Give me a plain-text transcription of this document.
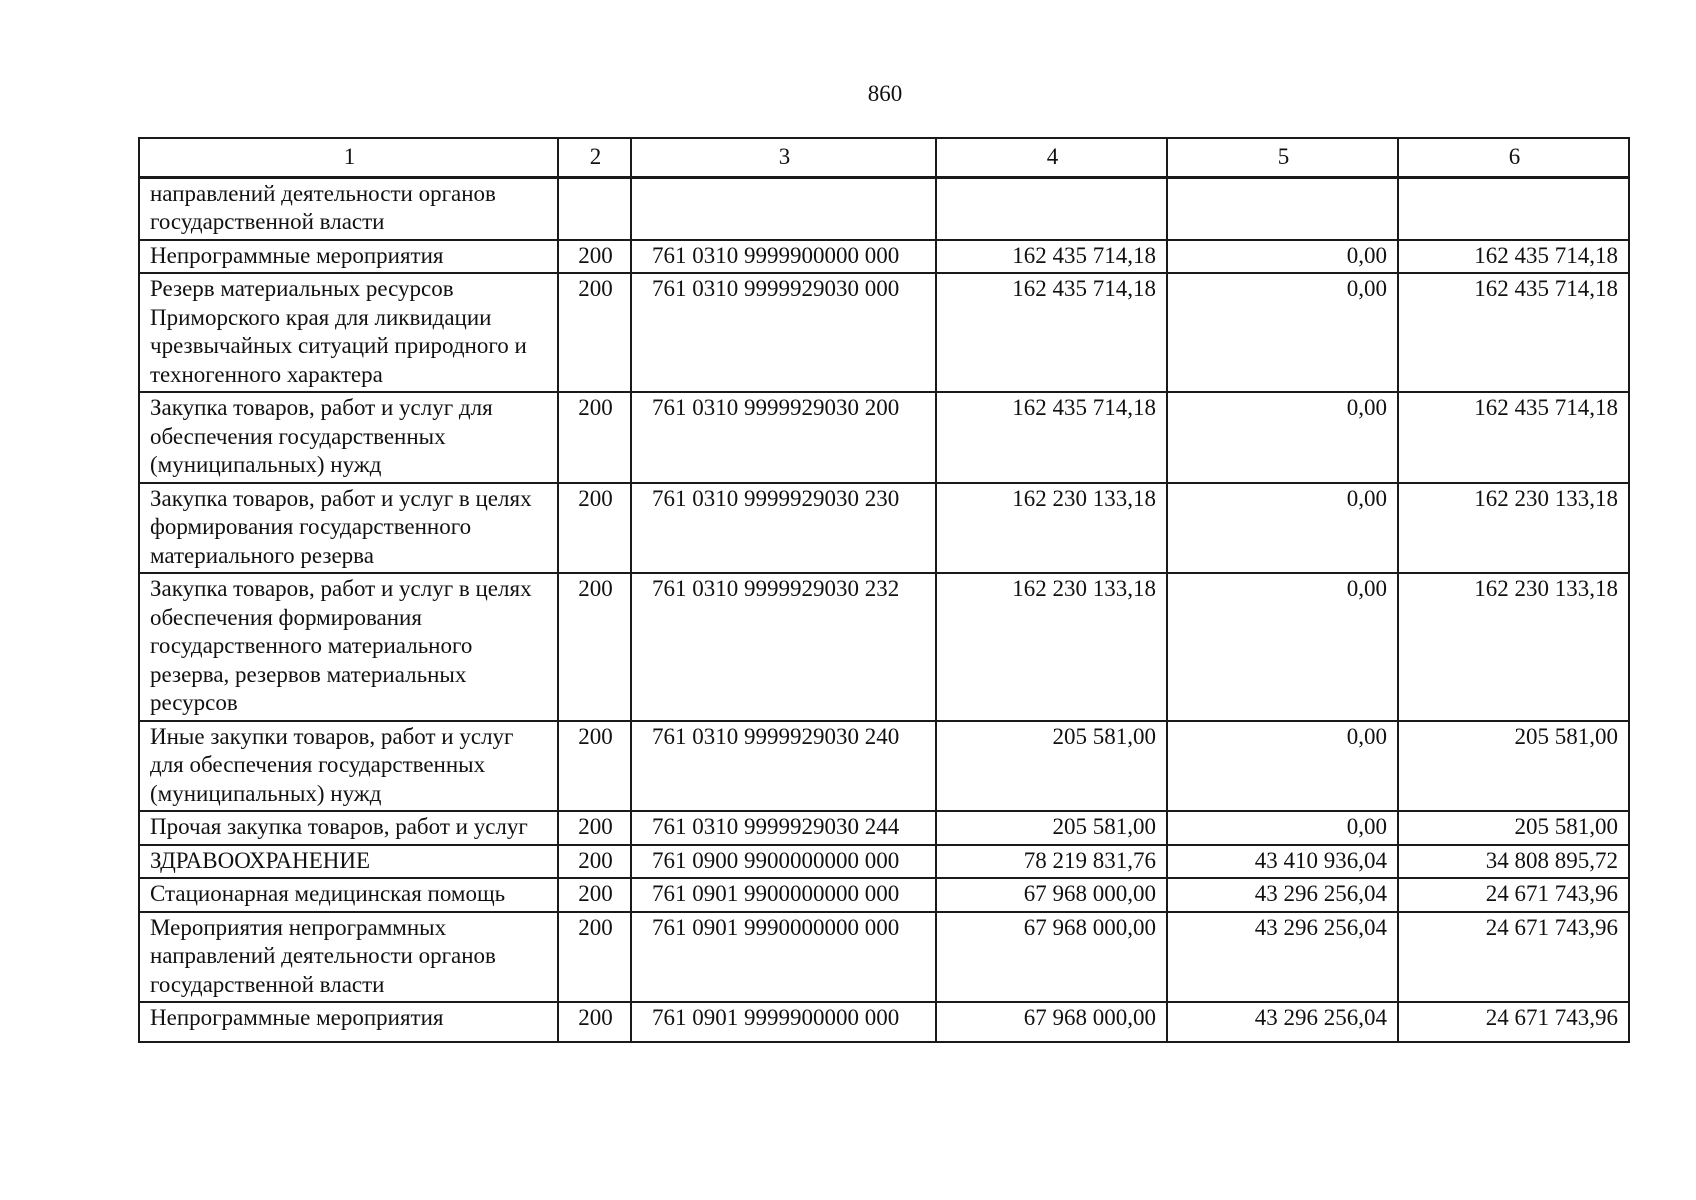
860
1	2	3	4	5	6
направлений деятельности органов государственной власти					
Непрограммные мероприятия	200	761 0310 9999900000 000	162 435 714,18	0,00	162 435 714,18
Резерв материальных ресурсов Приморского края для ликвидации чрезвычайных ситуаций природного и техногенного характера	200	761 0310 9999929030 000	162 435 714,18	0,00	162 435 714,18
Закупка товаров, работ и услуг для обеспечения государственных (муниципальных) нужд	200	761 0310 9999929030 200	162 435 714,18	0,00	162 435 714,18
Закупка товаров, работ и услуг в целях формирования государственного материального резерва	200	761 0310 9999929030 230	162 230 133,18	0,00	162 230 133,18
Закупка товаров, работ и услуг в целях обеспечения формирования государственного материального резерва, резервов материальных ресурсов	200	761 0310 9999929030 232	162 230 133,18	0,00	162 230 133,18
Иные закупки товаров, работ и услуг для обеспечения государственных (муниципальных) нужд	200	761 0310 9999929030 240	205 581,00	0,00	205 581,00
Прочая закупка товаров, работ и услуг	200	761 0310 9999929030 244	205 581,00	0,00	205 581,00
ЗДРАВООХРАНЕНИЕ	200	761 0900 9900000000 000	78 219 831,76	43 410 936,04	34 808 895,72
Стационарная медицинская помощь	200	761 0901 9900000000 000	67 968 000,00	43 296 256,04	24 671 743,96
Мероприятия непрограммных направлений деятельности органов государственной власти	200	761 0901 9990000000 000	67 968 000,00	43 296 256,04	24 671 743,96
Непрограммные мероприятия	200	761 0901 9999900000 000	67 968 000,00	43 296 256,04	24 671 743,96
